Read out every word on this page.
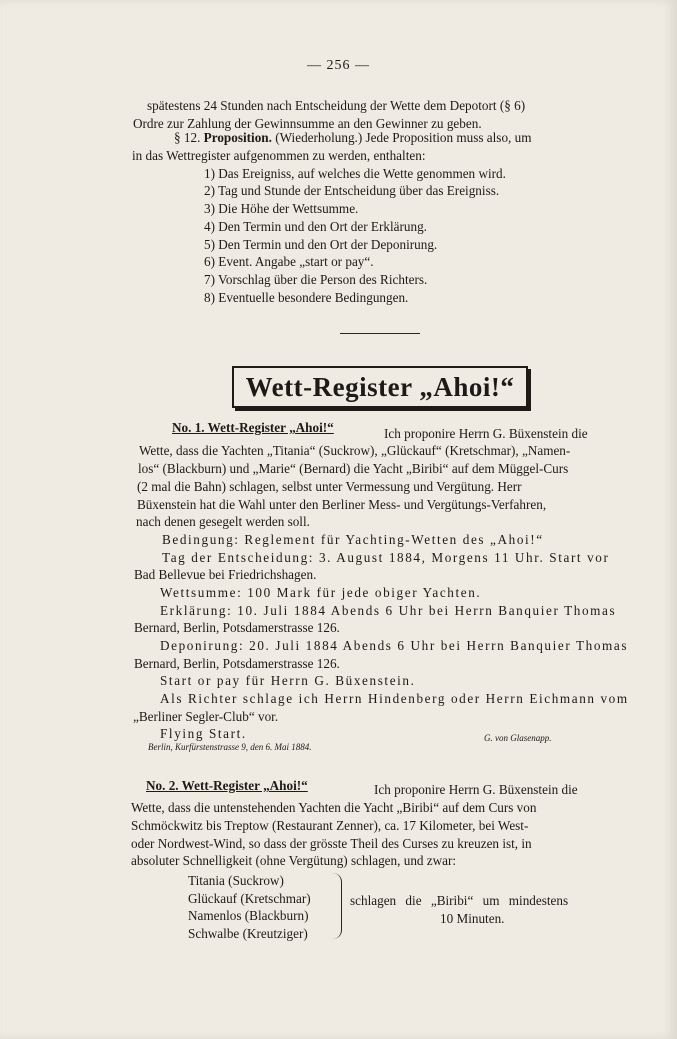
— 256 —
spätestens 24 Stunden nach Entscheidung der Wette dem Depotort (§ 6)
Ordre zur Zahlung der Gewinnsumme an den Gewinner zu geben.
§ 12. Proposition. (Wiederholung.) Jede Proposition muss also, um
in das Wettregister aufgenommen zu werden, enthalten:
1) Das Ereigniss, auf welches die Wette genommen wird.
2) Tag und Stunde der Entscheidung über das Ereigniss.
3) Die Höhe der Wettsumme.
4) Den Termin und den Ort der Erklärung.
5) Den Termin und den Ort der Deponirung.
6) Event. Angabe „start or pay“.
7) Vorschlag über die Person des Richters.
8) Eventuelle besondere Bedingungen.
Wett-Register „Ahoi!“
No. 1. Wett-Register „Ahoi!“	Ich proponire Herrn G. Büxenstein die
Wette, dass die Yachten „Titania“ (Suckrow), „Glückauf“ (Kretschmar), „Namen-
los“ (Blackburn) und „Marie“ (Bernard) die Yacht „Biribi“ auf dem Müggel-Curs
(2 mal die Bahn) schlagen, selbst unter Vermessung und Vergütung. Herr
Büxenstein hat die Wahl unter den Berliner Mess- und Vergütungs-Verfahren,
nach denen gesegelt werden soll.
Bedingung: Reglement für Yachting-Wetten des „Ahoi!“
Tag der Entscheidung: 3. August 1884, Morgens 11 Uhr. Start vor
Bad Bellevue bei Friedrichshagen.
Wettsumme: 100 Mark für jede obiger Yachten.
Erklärung: 10. Juli 1884 Abends 6 Uhr bei Herrn Banquier Thomas
Bernard, Berlin, Potsdamerstrasse 126.
Deponirung: 20. Juli 1884 Abends 6 Uhr bei Herrn Banquier Thomas
Bernard, Berlin, Potsdamerstrasse 126.
Start or pay für Herrn G. Büxenstein.
Als Richter schlage ich Herrn Hindenberg oder Herrn Eichmann vom
„Berliner Segler-Club“ vor.
Flying Start.
Berlin, Kurfürstenstrasse 9, den 6. Mai 1884.
G. von Glasenapp.
No. 2. Wett-Register „Ahoi!“	Ich proponire Herrn G. Büxenstein die
Wette, dass die untenstehenden Yachten die Yacht „Biribi“ auf dem Curs von
Schmöckwitz bis Treptow (Restaurant Zenner), ca. 17 Kilometer, bei West-
oder Nordwest-Wind, so dass der grösste Theil des Curses zu kreuzen ist, in
absoluter Schnelligkeit (ohne Vergütung) schlagen, und zwar:
Titania (Suckrow)
Glückauf (Kretschmar)
Namenlos (Blackburn)
Schwalbe (Kreutziger)
schlagen die „Biribi“ um mindestens
10 Minuten.
